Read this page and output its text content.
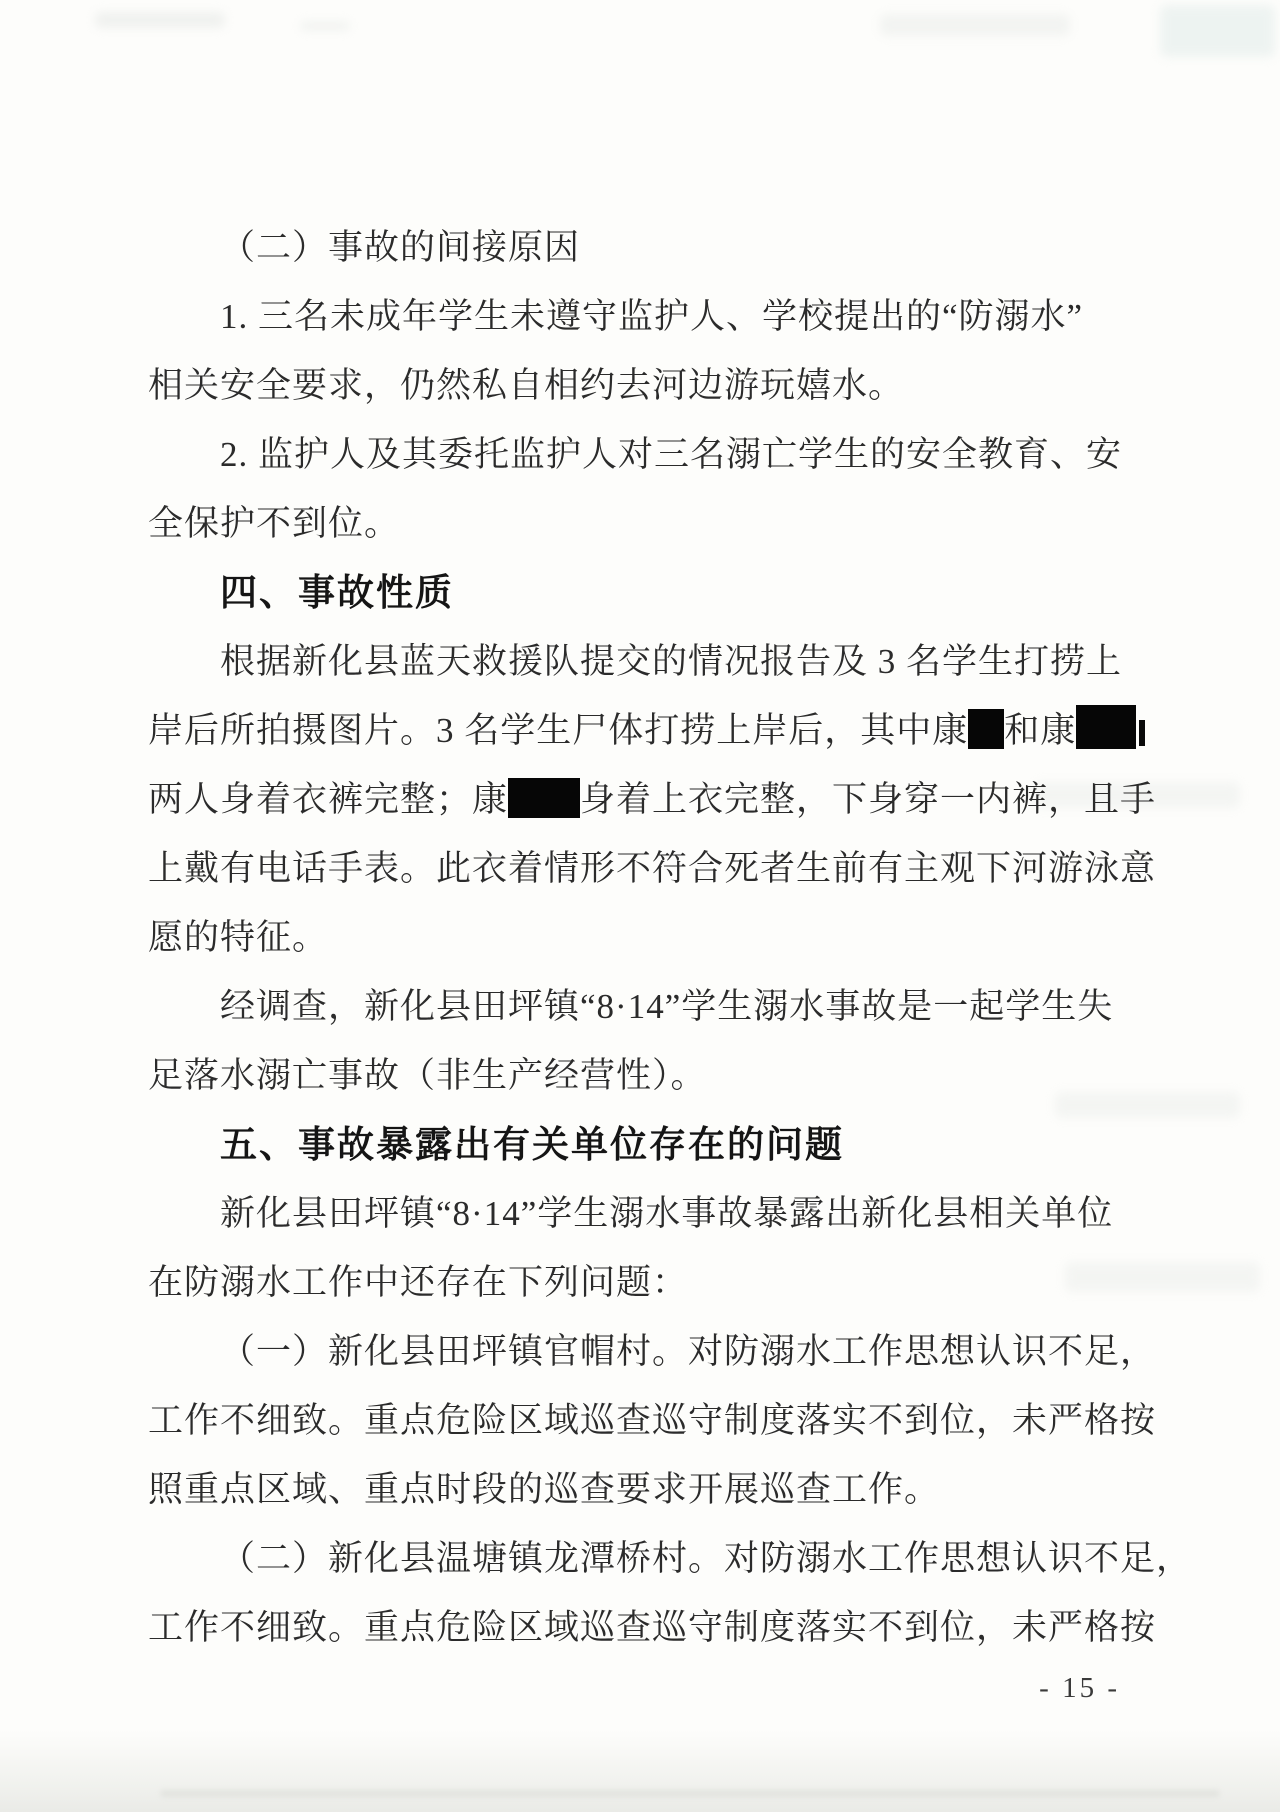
（二）事故的间接原因
1. 三名未成年学生未遵守监护人、学校提出的“防溺水”
相关安全要求，仍然私自相约去河边游玩嬉水。
2. 监护人及其委托监护人对三名溺亡学生的安全教育、安
全保护不到位。
四、事故性质
根据新化县蓝天救援队提交的情况报告及 3 名学生打捞上
岸后所拍摄图片。3 名学生尸体打捞上岸后，其中康 和康
两人身着衣裤完整；康 身着上衣完整，下身穿一内裤，且手
上戴有电话手表。此衣着情形不符合死者生前有主观下河游泳意
愿的特征。
经调查，新化县田坪镇“8·14”学生溺水事故是一起学生失
足落水溺亡事故（非生产经营性）。
五、事故暴露出有关单位存在的问题
新化县田坪镇“8·14”学生溺水事故暴露出新化县相关单位
在防溺水工作中还存在下列问题：
（一）新化县田坪镇官帽村。对防溺水工作思想认识不足，
工作不细致。重点危险区域巡查巡守制度落实不到位，未严格按
照重点区域、重点时段的巡查要求开展巡查工作。
（二）新化县温塘镇龙潭桥村。对防溺水工作思想认识不足，
工作不细致。重点危险区域巡查巡守制度落实不到位，未严格按
- 15 -
